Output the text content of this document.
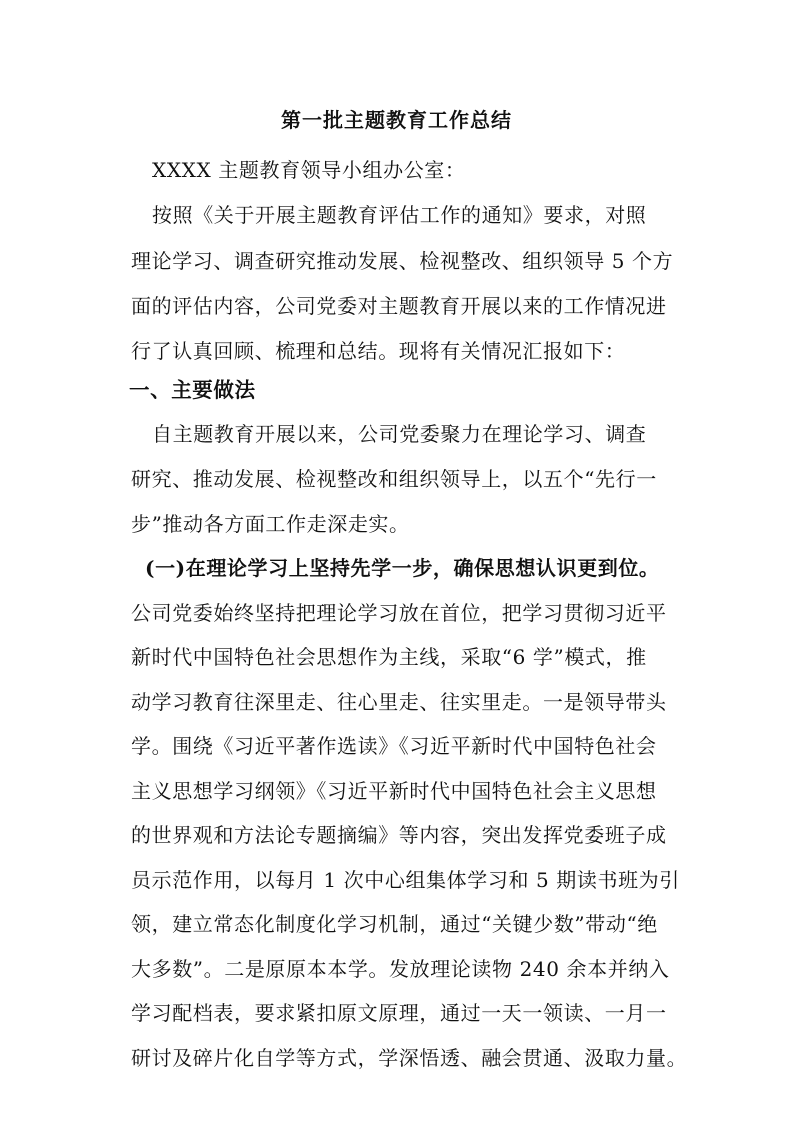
第一批主题教育工作总结
XXXX 主题教育领导小组办公室：
按照《关于开展主题教育评估工作的通知》要求，对照
理论学习、调查研究推动发展、检视整改、组织领导 5 个方
面的评估内容，公司党委对主题教育开展以来的工作情况进
行了认真回顾、梳理和总结。现将有关情况汇报如下：
一、主要做法
自主题教育开展以来，公司党委聚力在理论学习、调查
研究、推动发展、检视整改和组织领导上，以五个“先行一
步”推动各方面工作走深走实。
(一)在理论学习上坚持先学一步，确保思想认识更到位。
公司党委始终坚持把理论学习放在首位，把学习贯彻习近平
新时代中国特色社会思想作为主线，采取“6 学”模式，推
动学习教育往深里走、往心里走、往实里走。一是领导带头
学。围绕《习近平著作选读》《习近平新时代中国特色社会
主义思想学习纲领》《习近平新时代中国特色社会主义思想
的世界观和方法论专题摘编》等内容，突出发挥党委班子成
员示范作用，以每月 1 次中心组集体学习和 5 期读书班为引
领，建立常态化制度化学习机制，通过“关键少数”带动“绝
大多数”。二是原原本本学。发放理论读物 240 余本并纳入
学习配档表，要求紧扣原文原理，通过一天一领读、一月一
研讨及碎片化自学等方式，学深悟透、融会贯通、汲取力量。
